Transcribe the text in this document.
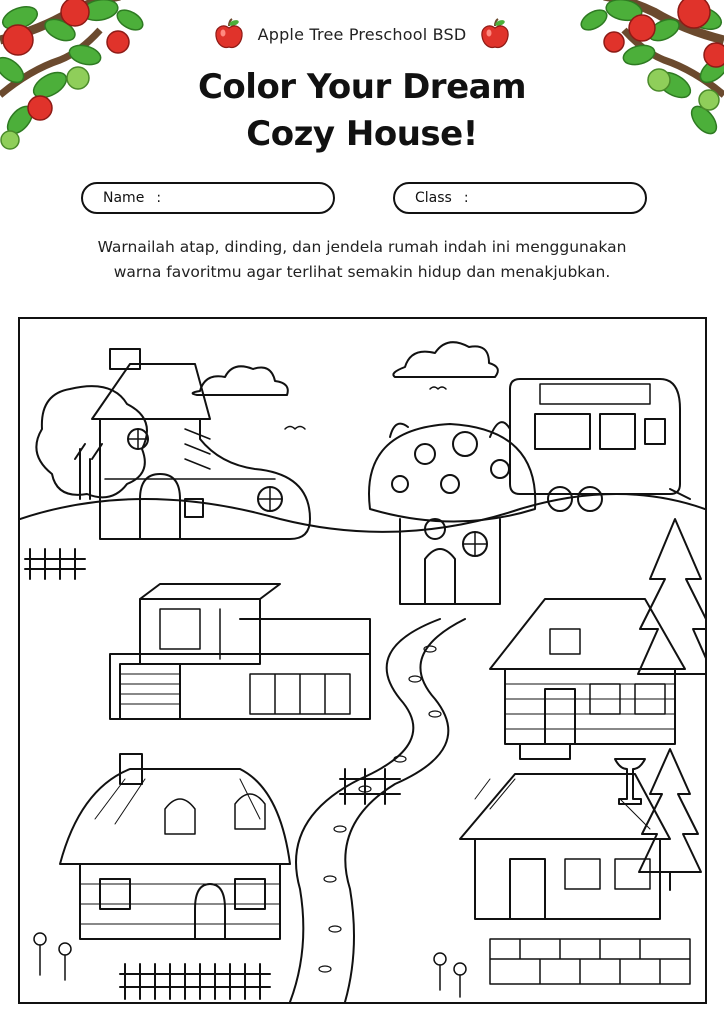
Apple Tree Preschool BSD
Color Your Dream
Cozy House!
Name :	Class :

Warnailah atap, dinding, dan jendela rumah indah ini menggunakan
warna favoritmu agar terlihat semakin hidup dan menakjubkan.
